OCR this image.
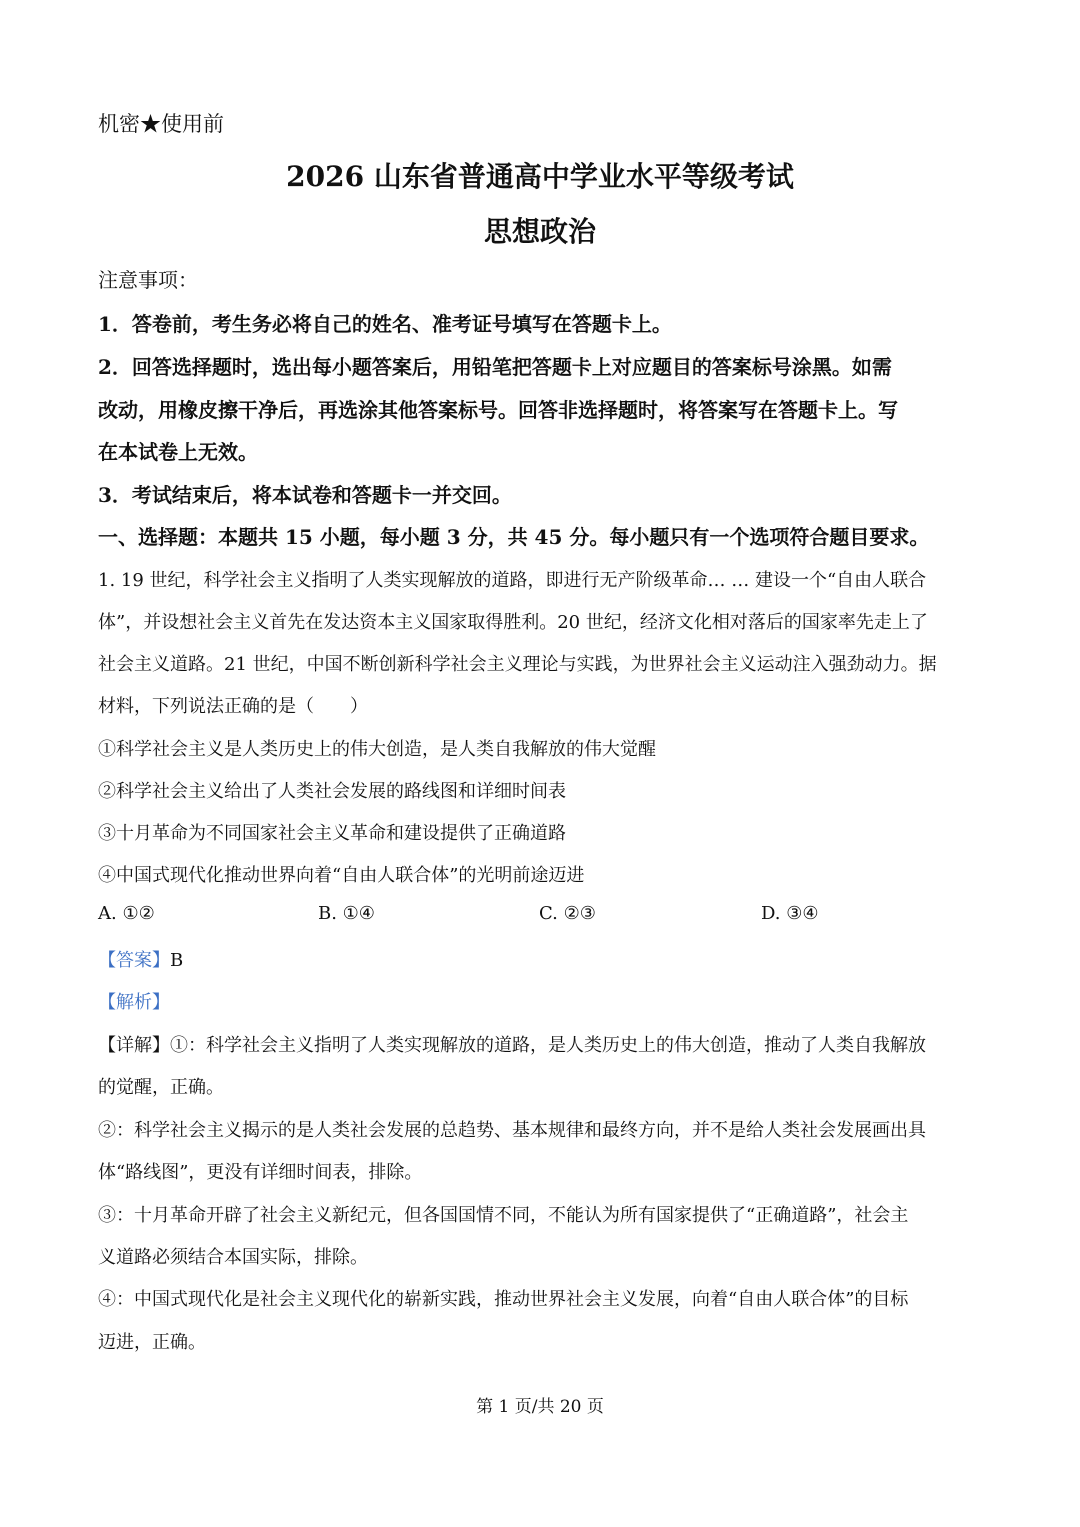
机密★使用前
2026 山东省普通高中学业水平等级考试
思想政治
注意事项：
1．答卷前，考生务必将自己的姓名、准考证号填写在答题卡上。
2．回答选择题时，选出每小题答案后，用铅笔把答题卡上对应题目的答案标号涂黑。如需
改动，用橡皮擦干净后，再选涂其他答案标号。回答非选择题时，将答案写在答题卡上。写
在本试卷上无效。
3．考试结束后，将本试卷和答题卡一并交回。
一、选择题：本题共 15 小题，每小题 3 分，共 45 分。每小题只有一个选项符合题目要求。
1. 19 世纪，科学社会主义指明了人类实现解放的道路，即进行无产阶级革命… … 建设一个“自由人联合
体”，并设想社会主义首先在发达资本主义国家取得胜利。20 世纪，经济文化相对落后的国家率先走上了
社会主义道路。21 世纪，中国不断创新科学社会主义理论与实践，为世界社会主义运动注入强劲动力。据
材料，下列说法正确的是（　　）
①科学社会主义是人类历史上的伟大创造，是人类自我解放的伟大觉醒
②科学社会主义给出了人类社会发展的路线图和详细时间表
③十月革命为不同国家社会主义革命和建设提供了正确道路
④中国式现代化推动世界向着“自由人联合体”的光明前途迈进
A. ①②	B. ①④	C. ②③	D. ③④
【答案】B
【解析】
【详解】①：科学社会主义指明了人类实现解放的道路，是人类历史上的伟大创造，推动了人类自我解放
的觉醒，正确。
②：科学社会主义揭示的是人类社会发展的总趋势、基本规律和最终方向，并不是给人类社会发展画出具
体“路线图”，更没有详细时间表，排除。
③：十月革命开辟了社会主义新纪元，但各国国情不同，不能认为所有国家提供了“正确道路”，社会主
义道路必须结合本国实际，排除。
④：中国式现代化是社会主义现代化的崭新实践，推动世界社会主义发展，向着“自由人联合体”的目标
迈进，正确。
第 1 页/共 20 页
